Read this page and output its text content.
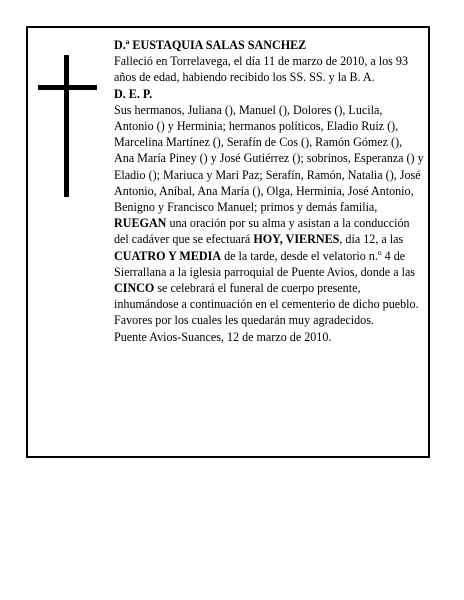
D.ª EUSTAQUIA SALAS SANCHEZ

Falleció en Torrelavega, el día 11 de marzo de 2010, a los 93 años de edad, habiendo recibido los SS. SS. y la B. A.

D. E. P.

Sus hermanos, Juliana (), Manuel (), Dolores (), Lucila, Antonio () y Herminia; hermanos políticos, Eladio Ruiz (), Marcelina Martínez (), Serafín de Cos (), Ramón Gómez (), Ana María Piney () y José Gutiérrez (); sobrinos, Esperanza () y Eladio (); Mariuca y Mari Paz; Serafín, Ramón, Natalia (), José Antonio, Aníbal, Ana María (), Olga, Herminia, José Antonio, Benigno y Francisco Manuel; primos y demás familia,

RUEGAN una oración por su alma y asistan a la conducción del cadáver que se efectuará HOY, VIERNES, día 12, a las CUATRO Y MEDIA de la tarde, desde el velatorio n.º 4 de Sierrallana a la iglesia parroquial de Puente Avios, donde a las CINCO se celebrará el funeral de cuerpo presente, inhumándose a continuación en el cementerio de dicho pueblo. Favores por los cuales les quedarán muy agradecidos.

Puente Avios-Suances, 12 de marzo de 2010.
